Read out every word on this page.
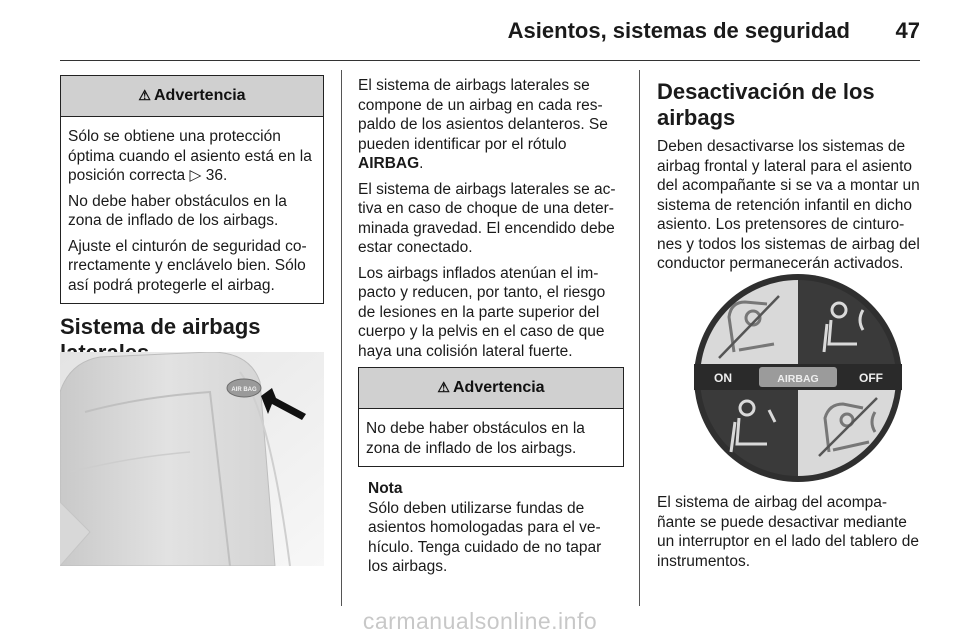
Asientos, sistemas de seguridad 47
⚠ Advertencia

Sólo se obtiene una protección óptima cuando el asiento está en la posición correcta ▷ 36.

No debe haber obstáculos en la zona de inflado de los airbags.

Ajuste el cinturón de seguridad co-rrectamente y enclávelo bien. Sólo así podrá protegerle el airbag.

Sistema de airbags
AIR BAG

El sistema de airbags laterales se compone de un airbag en cada res-paldo de los asientos delanteros. Se pueden identificar por el rótulo
AIRBAG.

El sistema de airbags laterales se ac-tiva en caso de choque de una deter-minada gravedad. El encendido debe estar conectado.

Los airbags inflados atenúan el im-pacto y reducen, por tanto, el riesgo de lesiones en la parte superior del cuerpo y la pelvis en el caso de que haya una colisión lateral fuerte.

⚠ Advertencia

No debe haber obstáculos en la zona de inflado de los airbags.

Nota
Sólo deben utilizarse fundas de asientos homologadas para el ve-hículo. Tenga cuidado de no tapar los airbags.
Desactivación de los airbags

Deben desactivarse los sistemas de airbag frontal y lateral para el asiento del acompañante si se va a montar un sistema de retención infantil en dicho asiento. Los pretensores de cinturo-nes y todos los sistemas de airbag del conductor permanecerán activados.

ON	AIRBAG	OFF

El sistema de airbag del acompa-ñante se puede desactivar mediante un interruptor en el lado del tablero de instrumentos.

carmanualsonline.info
